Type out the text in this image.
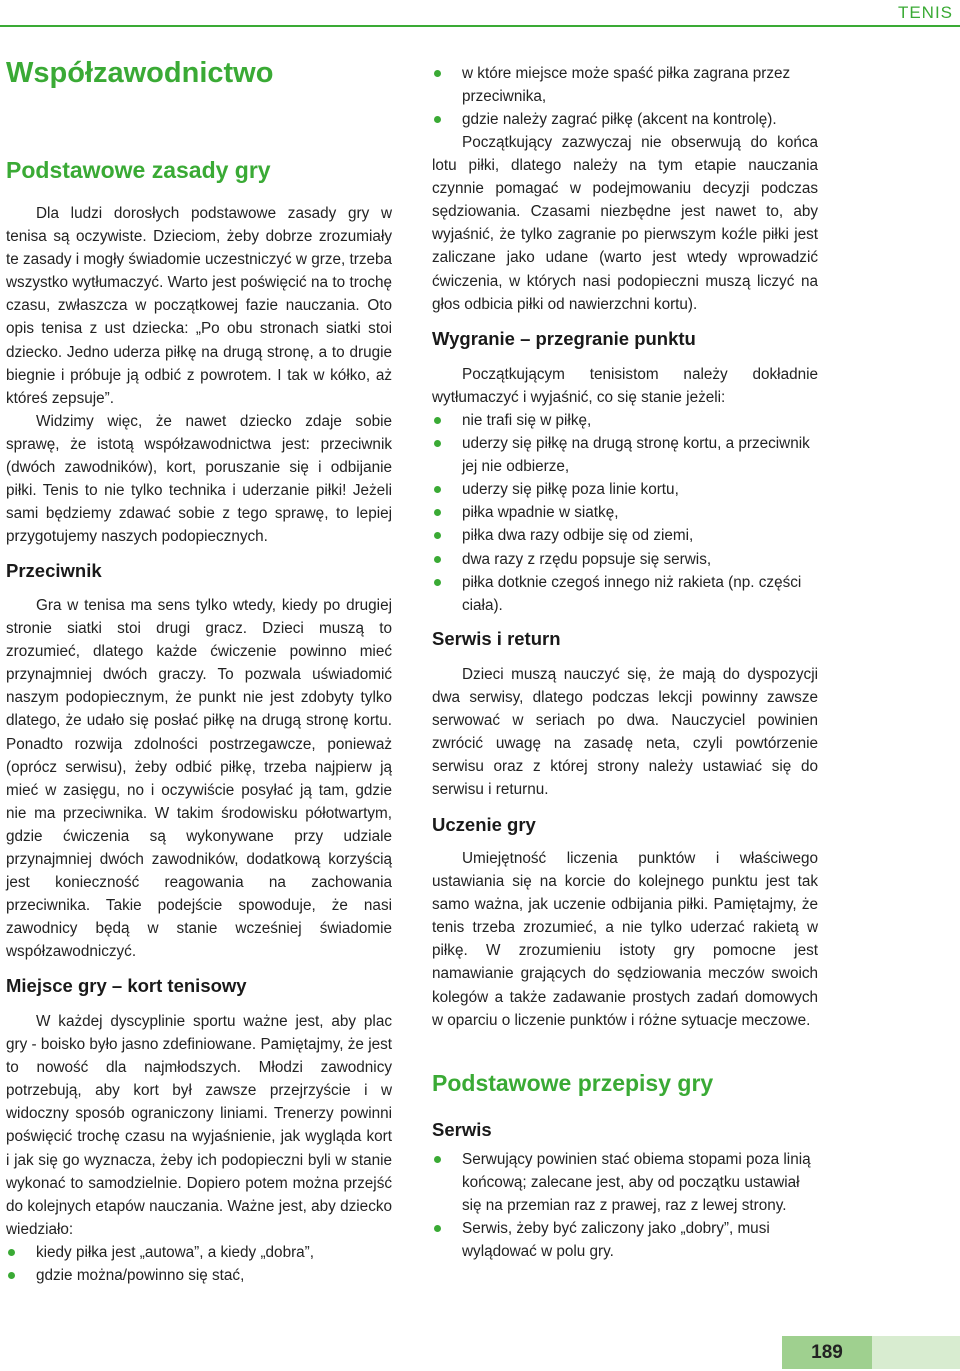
TENIS
Współzawodnictwo
Podstawowe zasady gry

Dla ludzi dorosłych podstawowe zasady gry w tenisa są oczywiste. Dzieciom, żeby dobrze zrozumiały te zasady i mogły świadomie uczestniczyć w grze, trzeba wszystko wytłumaczyć. Warto jest poświęcić na to trochę czasu, zwłaszcza w początkowej fazie nauczania. Oto opis tenisa z ust dziecka: „Po obu stronach siatki stoi dziecko. Jedno uderza piłkę na drugą stronę, a to drugie biegnie i próbuje ją odbić z powrotem. I tak w kółko, aż któreś zepsuje”.

Widzimy więc, że nawet dziecko zdaje sobie sprawę, że istotą współzawodnictwa jest: przeciwnik (dwóch zawodników), kort, poruszanie się i odbijanie piłki. Tenis to nie tylko technika i uderzanie piłki! Jeżeli sami będziemy zdawać sobie z tego sprawę, to lepiej przygotujemy naszych podopiecznych.

Przeciwnik

Gra w tenisa ma sens tylko wtedy, kiedy po drugiej stronie siatki stoi drugi gracz. Dzieci muszą to zrozumieć, dlatego każde ćwiczenie powinno mieć przynajmniej dwóch graczy. To pozwala uświadomić naszym podopiecznym, że punkt nie jest zdobyty tylko dlatego, że udało się posłać piłkę na drugą stronę kortu. Ponadto rozwija zdolności postrzegawcze, ponieważ (oprócz serwisu), żeby odbić piłkę, trzeba najpierw ją mieć w zasięgu, no i oczywiście posyłać ją tam, gdzie nie ma przeciwnika. W takim środowisku półotwartym, gdzie ćwiczenia są wykonywane przy udziale przynajmniej dwóch zawodników, dodatkową korzyścią jest konieczność reagowania na zachowania przeciwnika. Takie podejście spowoduje, że nasi zawodnicy będą w stanie wcześniej świadomie współzawodniczyć.

Miejsce gry – kort tenisowy

W każdej dyscyplinie sportu ważne jest, aby plac gry - boisko było jasno zdefiniowane. Pamiętajmy, że jest to nowość dla najmłodszych. Młodzi zawodnicy potrzebują, aby kort był zawsze przejrzyście i w widoczny sposób ograniczony liniami. Trenerzy powinni poświęcić trochę czasu na wyjaśnienie, jak wygląda kort i jak się go wyznacza, żeby ich podopieczni byli w stanie wykonać to samodzielnie. Dopiero potem można przejść do kolejnych etapów nauczania. Ważne jest, aby dziecko wiedziało:

kiedy piłka jest „autowa”, a kiedy „dobra”,
gdzie można/powinno się stać,
w które miejsce może spaść piłka zagrana przez przeciwnika,
gdzie należy zagrać piłkę (akcent na kontrolę).

Początkujący zazwyczaj nie obserwują do końca lotu piłki, dlatego należy na tym etapie nauczania czynnie pomagać w podejmowaniu decyzji podczas sędziowania. Czasami niezbędne jest nawet to, aby wyjaśnić, że tylko zagranie po pierwszym koźle piłki jest zaliczane jako udane (warto jest wtedy wprowadzić ćwiczenia, w których nasi podopieczni muszą liczyć na głos odbicia piłki od nawierzchni kortu).

Wygranie – przegranie punktu

Początkującym tenisistom należy dokładnie wytłumaczyć i wyjaśnić, co się stanie jeżeli:

nie trafi się w piłkę,
uderzy się piłkę na drugą stronę kortu, a przeciwnik jej nie odbierze,
uderzy się piłkę poza linie kortu,
piłka wpadnie w siatkę,
piłka dwa razy odbije się od ziemi,
dwa razy z rzędu popsuje się serwis,
piłka dotknie czegoś innego niż rakieta (np. części ciała).
Serwis i return

Dzieci muszą nauczyć się, że mają do dyspozycji dwa serwisy, dlatego podczas lekcji powinny zawsze serwować w seriach po dwa. Nauczyciel powinien zwrócić uwagę na zasadę neta, czyli powtórzenie serwisu oraz z której strony należy ustawiać się do serwisu i returnu.

Uczenie gry

Umiejętność liczenia punktów i właściwego ustawiania się na korcie do kolejnego punktu jest tak samo ważna, jak uczenie odbijania piłki. Pamiętajmy, że tenis trzeba zrozumieć, a nie tylko uderzać rakietą w piłkę. W zrozumieniu istoty gry pomocne jest namawianie grających do sędziowania meczów swoich kolegów a także zadawanie prostych zadań domowych w oparciu o liczenie punktów i różne sytuacje meczowe.

Podstawowe przepisy gry
Serwis
Serwujący powinien stać obiema stopami poza linią końcową; zalecane jest, aby od początku ustawiał się na przemian raz z prawej, raz z lewej strony.
Serwis, żeby być zaliczony jako „dobry”, musi wylądować w polu gry.
189
